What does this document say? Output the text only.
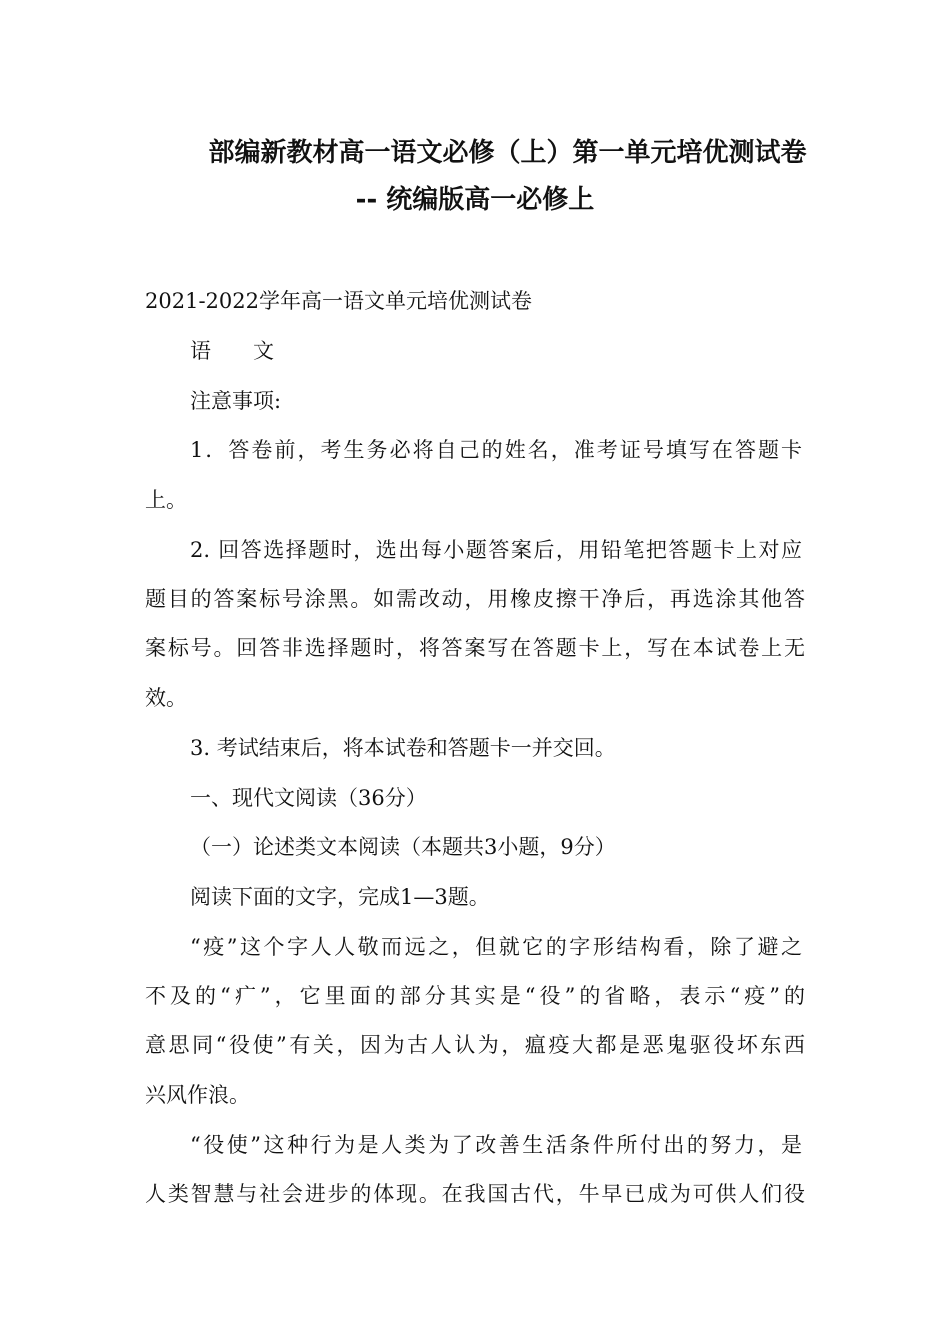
部编新教材高一语文必修（上）第一单元培优测试卷
-- 统编版高一必修上

2021-2022学年高一语文单元培优测试卷

语　　文

注意事项:

1．答卷前，考生务必将自己的姓名，准考证号填写在答题卡

上。

2. 回答选择题时，选出每小题答案后，用铅笔把答题卡上对应

题目的答案标号涂黑。如需改动，用橡皮擦干净后，再选涂其他答

案标号。回答非选择题时，将答案写在答题卡上，写在本试卷上无

效。

3. 考试结束后，将本试卷和答题卡一并交回。

一、现代文阅读（36分）

（一）论述类文本阅读（本题共3小题，9分）

阅读下面的文字，完成1—3题。

“疫”这个字人人敬而远之，但就它的字形结构看，除了避之

不及的“疒”，它里面的部分其实是“役”的省略，表示“疫”的

意思同“役使”有关，因为古人认为，瘟疫大都是恶鬼驱役坏东西

兴风作浪。

“役使”这种行为是人类为了改善生活条件所付出的努力，是

人类智慧与社会进步的体现。在我国古代，牛早已成为可供人们役
